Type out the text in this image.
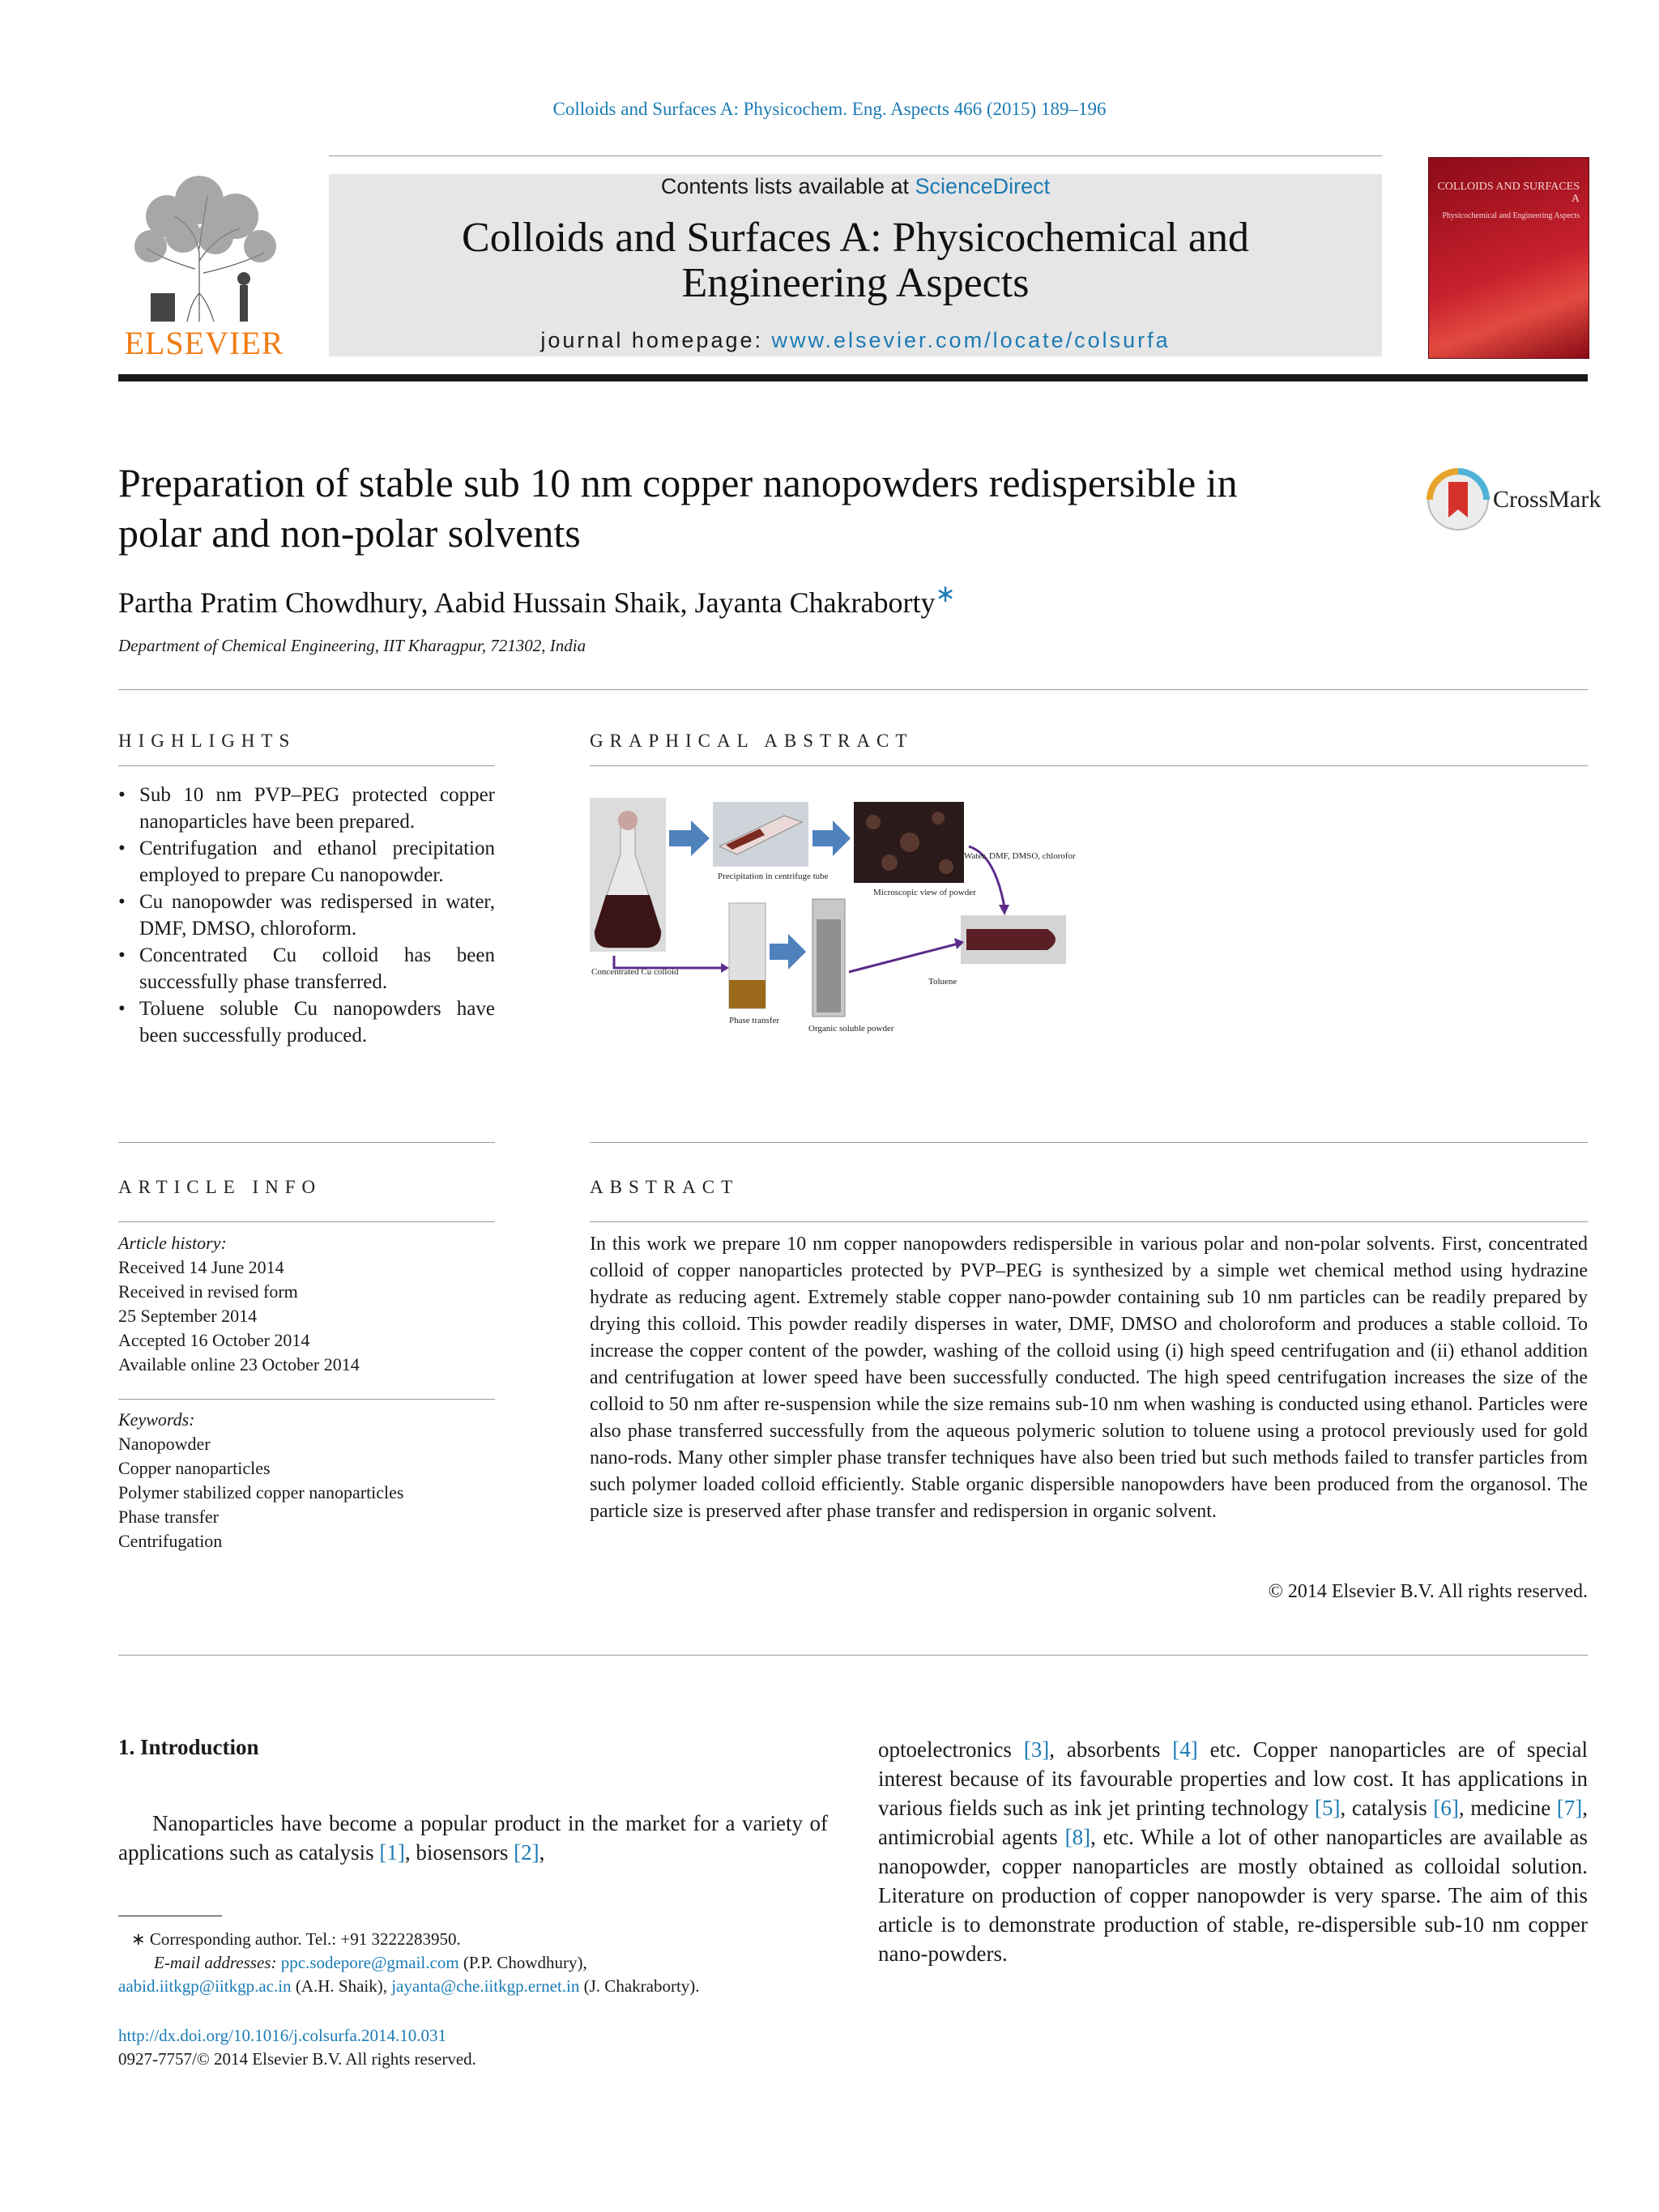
Colloids and Surfaces A: Physicochem. Eng. Aspects 466 (2015) 189–196
ELSEVIER
Contents lists available at ScienceDirect
Colloids and Surfaces A: Physicochemical and
Engineering Aspects
journal homepage: www.elsevier.com/locate/colsurfa
COLLOIDS AND SURFACES A
Physicochemical and Engineering Aspects
Preparation of stable sub 10 nm copper nanopowders redispersible in
polar and non-polar solvents
CrossMark
Partha Pratim Chowdhury, Aabid Hussain Shaik, Jayanta Chakraborty∗
Department of Chemical Engineering, IIT Kharagpur, 721302, India
HIGHLIGHTS
• Sub 10 nm PVP–PEG protected copper nanoparticles have been prepared.
• Centrifugation and ethanol precipitation employed to prepare Cu nanopowder.
• Cu nanopowder was redispersed in water, DMF, DMSO, chloroform.
• Concentrated Cu colloid has been successfully phase transferred.
• Toluene soluble Cu nanopowders have been successfully produced.
GRAPHICAL ABSTRACT
Concentrated Cu colloid
Precipitation in centrifuge tube
Microscopic view of powder
Water, DMF, DMSO, chloroform
Phase transfer
Organic soluble powder
Toluene
ARTICLE INFO
Article history:
Received 14 June 2014
Received in revised form
25 September 2014
Accepted 16 October 2014
Available online 23 October 2014
Keywords:
Nanopowder
Copper nanoparticles
Polymer stabilized copper nanoparticles
Phase transfer
Centrifugation
ABSTRACT
In this work we prepare 10 nm copper nanopowders redispersible in various polar and non-polar solvents. First, concentrated colloid of copper nanoparticles protected by PVP–PEG is synthesized by a simple wet chemical method using hydrazine hydrate as reducing agent. Extremely stable copper nano-powder containing sub 10 nm particles can be readily prepared by drying this colloid. This powder readily disperses in water, DMF, DMSO and choloroform and produces a stable colloid. To increase the copper content of the powder, washing of the colloid using (i) high speed centrifugation and (ii) ethanol addition and centrifugation at lower speed have been successfully conducted. The high speed centrifugation increases the size of the colloid to 50 nm after re-suspension while the size remains sub-10 nm when washing is conducted using ethanol. Particles were also phase transferred successfully from the aqueous polymeric solution to toluene using a protocol previously used for gold nano-rods. Many other simpler phase transfer techniques have also been tried but such methods failed to transfer particles from such polymer loaded colloid efficiently. Stable organic dispersible nanopowders have been produced from the organosol. The particle size is preserved after phase transfer and redispersion in organic solvent.
© 2014 Elsevier B.V. All rights reserved.
1. Introduction
Nanoparticles have become a popular product in the market for a variety of applications such as catalysis [1], biosensors [2],
optoelectronics [3], absorbents [4] etc. Copper nanoparticles are of special interest because of its favourable properties and low cost. It has applications in various fields such as ink jet printing technology [5], catalysis [6], medicine [7], antimicrobial agents [8], etc. While a lot of other nanoparticles are available as nanopowder, copper nanoparticles are mostly obtained as colloidal solution. Literature on production of copper nanopowder is very sparse. The aim of this article is to demonstrate production of stable, re-dispersible sub-10 nm copper nano-powders.
∗ Corresponding author. Tel.: +91 3222283950.
E-mail addresses: ppc.sodepore@gmail.com (P.P. Chowdhury),
aabid.iitkgp@iitkgp.ac.in (A.H. Shaik), jayanta@che.iitkgp.ernet.in (J. Chakraborty).
http://dx.doi.org/10.1016/j.colsurfa.2014.10.031
0927-7757/© 2014 Elsevier B.V. All rights reserved.
